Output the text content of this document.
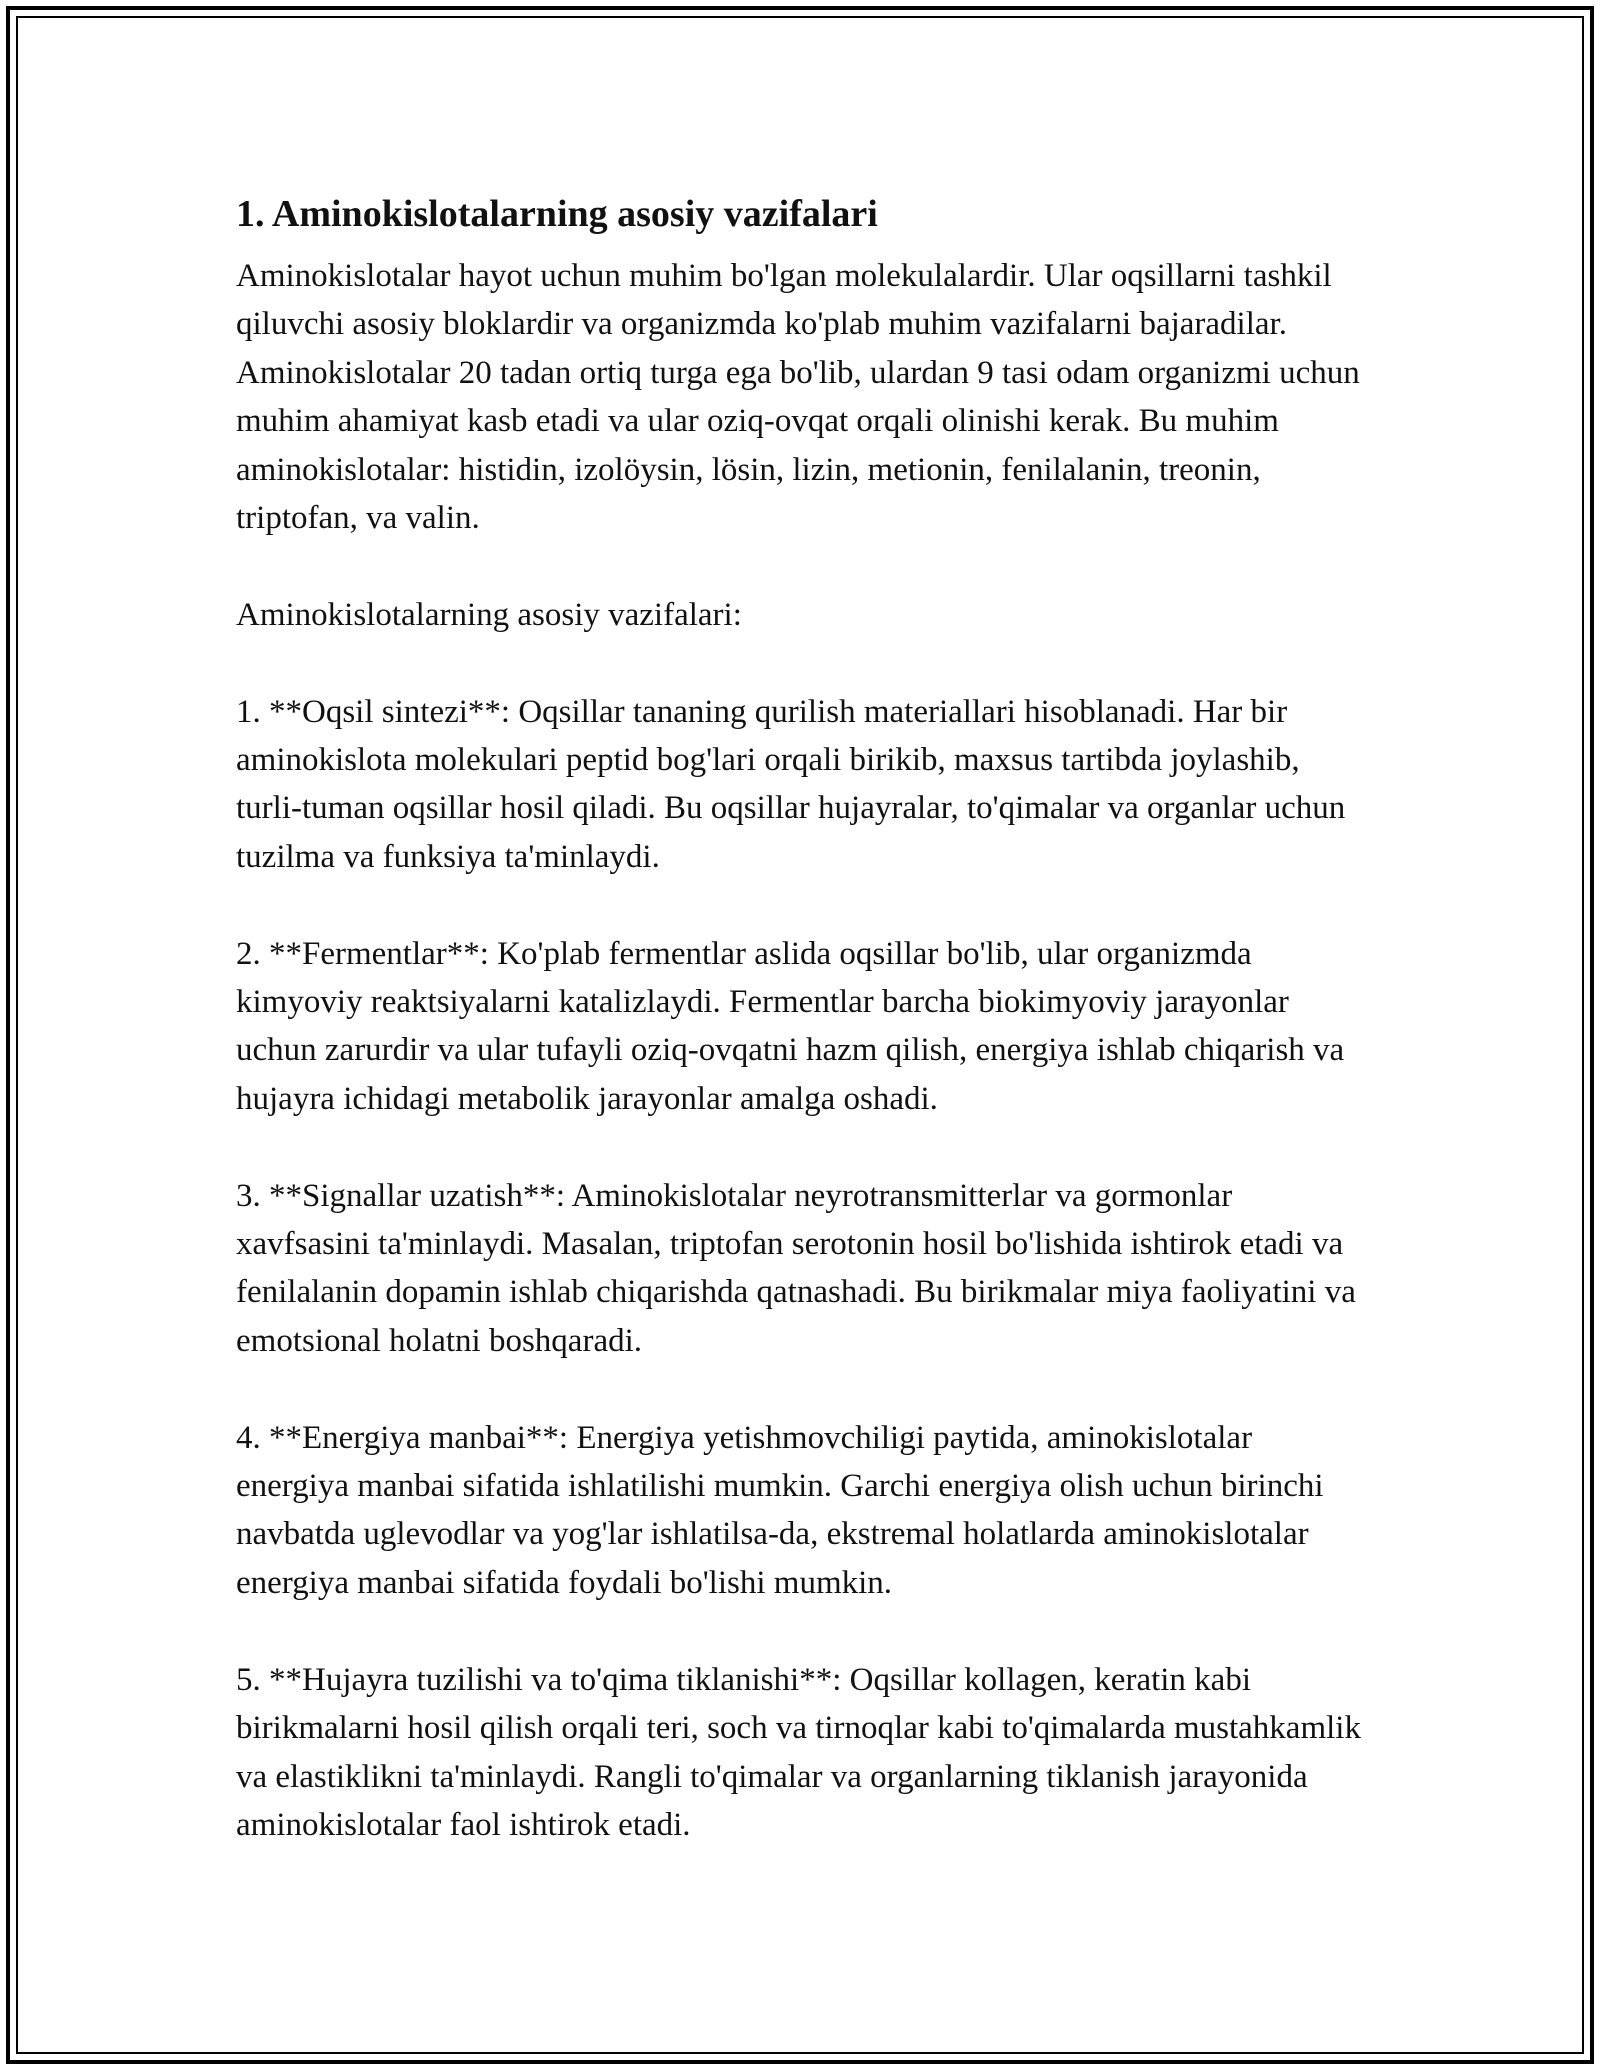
1. Aminokislotalarning asosiy vazifalari

Aminokislotalar hayot uchun muhim bo'lgan molekulalardir. Ular oqsillarni tashkil qiluvchi asosiy bloklardir va organizmda ko'plab muhim vazifalarni bajaradilar. Aminokislotalar 20 tadan ortiq turga ega bo'lib, ulardan 9 tasi odam organizmi uchun muhim ahamiyat kasb etadi va ular oziq-ovqat orqali olinishi kerak. Bu muhim aminokislotalar: histidin, izolöysin, lösin, lizin, metionin, fenilalanin, treonin, triptofan, va valin.

Aminokislotalarning asosiy vazifalari:

1. **Oqsil sintezi**: Oqsillar tananing qurilish materiallari hisoblanadi. Har bir aminokislota molekulari peptid bog'lari orqali birikib, maxsus tartibda joylashib, turli-tuman oqsillar hosil qiladi. Bu oqsillar hujayralar, to'qimalar va organlar uchun tuzilma va funksiya ta'minlaydi.

2. **Fermentlar**: Ko'plab fermentlar aslida oqsillar bo'lib, ular organizmda kimyoviy reaktsiyalarni katalizlaydi. Fermentlar barcha biokimyoviy jarayonlar uchun zarurdir va ular tufayli oziq-ovqatni hazm qilish, energiya ishlab chiqarish va hujayra ichidagi metabolik jarayonlar amalga oshadi.

3. **Signallar uzatish**: Aminokislotalar neyrotransmitterlar va gormonlar xavfsasini ta'minlaydi. Masalan, triptofan serotonin hosil bo'lishida ishtirok etadi va fenilalanin dopamin ishlab chiqarishda qatnashadi. Bu birikmalar miya faoliyatini va emotsional holatni boshqaradi.

4. **Energiya manbai**: Energiya yetishmovchiligi paytida, aminokislotalar energiya manbai sifatida ishlatilishi mumkin. Garchi energiya olish uchun birinchi navbatda uglevodlar va yog'lar ishlatilsa-da, ekstremal holatlarda aminokislotalar energiya manbai sifatida foydali bo'lishi mumkin.

5. **Hujayra tuzilishi va to'qima tiklanishi**: Oqsillar kollagen, keratin kabi birikmalarni hosil qilish orqali teri, soch va tirnoqlar kabi to'qimalarda mustahkamlik va elastiklikni ta'minlaydi. Rangli to'qimalar va organlarning tiklanish jarayonida aminokislotalar faol ishtirok etadi.
